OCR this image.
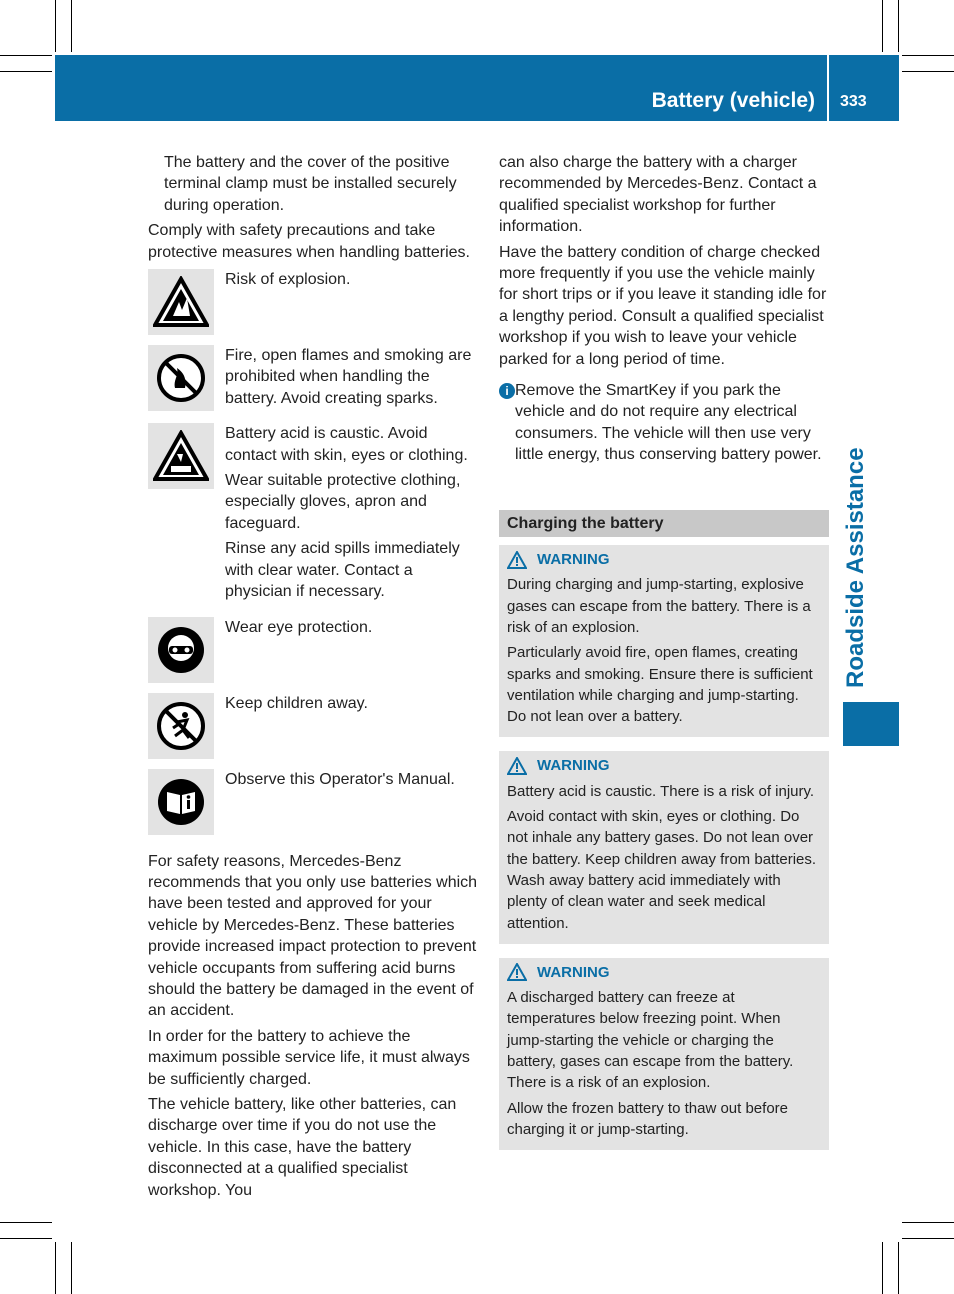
Battery (vehicle) 333
Roadside Assistance

The battery and the cover of the positive terminal clamp must be installed securely during operation.

Comply with safety precautions and take protective measures when handling batteries.

Risk of explosion.

Fire, open flames and smoking are prohibited when handling the battery. Avoid creating sparks.

Battery acid is caustic. Avoid contact with skin, eyes or clothing.

Wear suitable protective clothing, especially gloves, apron and faceguard.

Rinse any acid spills immediately with clear water. Contact a physician if necessary.

Wear eye protection.

Keep children away.

Observe this Operator's Manual.

For safety reasons, Mercedes-Benz recommends that you only use batteries which have been tested and approved for your vehicle by Mercedes-Benz. These batteries provide increased impact protection to prevent vehicle occupants from suffering acid burns should the battery be damaged in the event of an accident.

In order for the battery to achieve the maximum possible service life, it must always be sufficiently charged.

The vehicle battery, like other batteries, can discharge over time if you do not use the vehicle. In this case, have the battery disconnected at a qualified specialist workshop. You

can also charge the battery with a charger recommended by Mercedes-Benz. Contact a qualified specialist workshop for further information.

Have the battery condition of charge checked more frequently if you use the vehicle mainly for short trips or if you leave it standing idle for a lengthy period. Consult a qualified specialist workshop if you wish to leave your vehicle parked for a long period of time.

i Remove the SmartKey if you park the vehicle and do not require any electrical consumers. The vehicle will then use very little energy, thus conserving battery power.

Charging the battery
WARNING

During charging and jump-starting, explosive gases can escape from the battery. There is a risk of an explosion.

Particularly avoid fire, open flames, creating sparks and smoking. Ensure there is sufficient ventilation while charging and jump-starting. Do not lean over a battery.

WARNING

Battery acid is caustic. There is a risk of injury.

Avoid contact with skin, eyes or clothing. Do not inhale any battery gases. Do not lean over the battery. Keep children away from batteries. Wash away battery acid immediately with plenty of clean water and seek medical attention.

WARNING

A discharged battery can freeze at temperatures below freezing point. When jump-starting the vehicle or charging the battery, gases can escape from the battery. There is a risk of an explosion.

Allow the frozen battery to thaw out before charging it or jump-starting.
